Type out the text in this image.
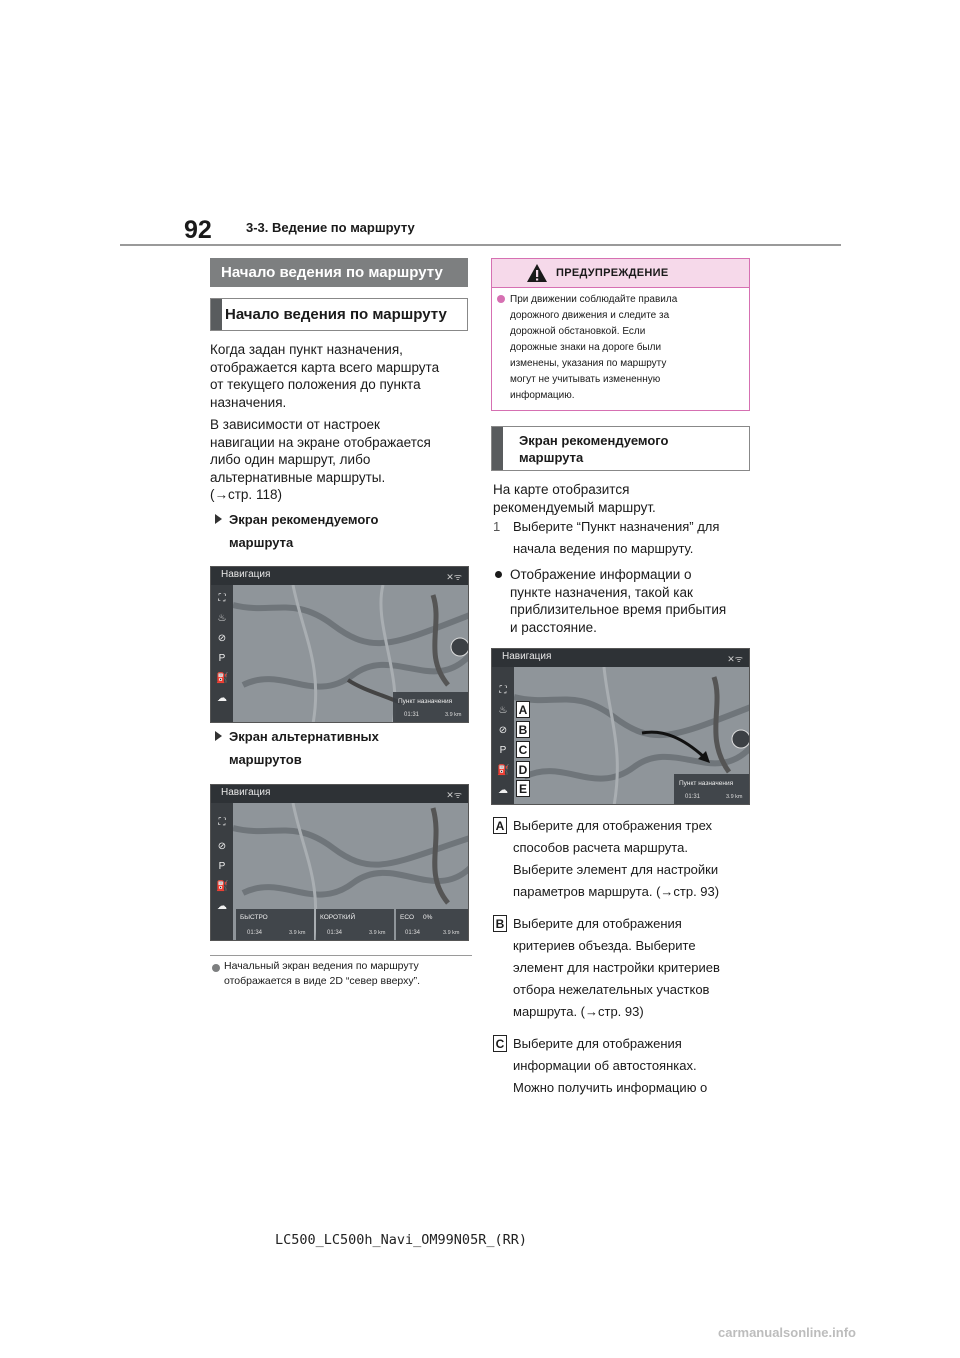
92	3-3. Ведение по маршруту
Начало ведения по маршруту
Начало ведения по маршруту
Когда задан пункт назначения,
отображается карта всего маршрута
от текущего положения до пункта
назначения.
В зависимости от настроек
навигации на экране отображается
либо один маршрут, либо
альтернативные маршруты.
(→стр. 118)
Экран рекомендуемого
маршрута
Навигация	✕ᯤ
⛶
♨
⊘
P
⛽
☁	Пункт назначения
01:31	3.9 km
Экран альтернативных
маршрутов
Навигация	✕ᯤ
⛶
⊘
P
⛽
☁
БЫСТРО	КОРОТКИЙ	ECO 0%
01:34	3.9 km	01:34	3.9 km	01:34	3.9 km
Начальный экран ведения по маршруту
отображается в виде 2D “север вверху”.
ПРЕДУПРЕЖДЕНИЕ
При движении соблюдайте правила
дорожного движения и следите за
дорожной обстановкой. Если
дорожные знаки на дороге были
изменены, указания по маршруту
могут не учитывать измененную
информацию.
Экран рекомендуемого
маршрута
На карте отобразится
рекомендуемый маршрут.
1 Выберите “Пункт назначения” для
начала ведения по маршруту.
Отображение информации о
пункте назначения, такой как
приблизительное время прибытия
и расстояние.
Навигация	✕ᯤ
⛶
♨
⊘
P
⛽
☁
Пункт назначения
01:31	3.9 km
A
B
C
D
E
A Выберите для отображения трех
способов расчета маршрута.
Выберите элемент для настройки
параметров маршрута. (→стр. 93)
B Выберите для отображения
критериев объезда. Выберите
элемент для настройки критериев
отбора нежелательных участков
маршрута. (→стр. 93)
C Выберите для отображения
информации об автостоянках.
Можно получить информацию о
LC500_LC500h_Navi_OM99N05R_(RR)
carmanualsonline.info
